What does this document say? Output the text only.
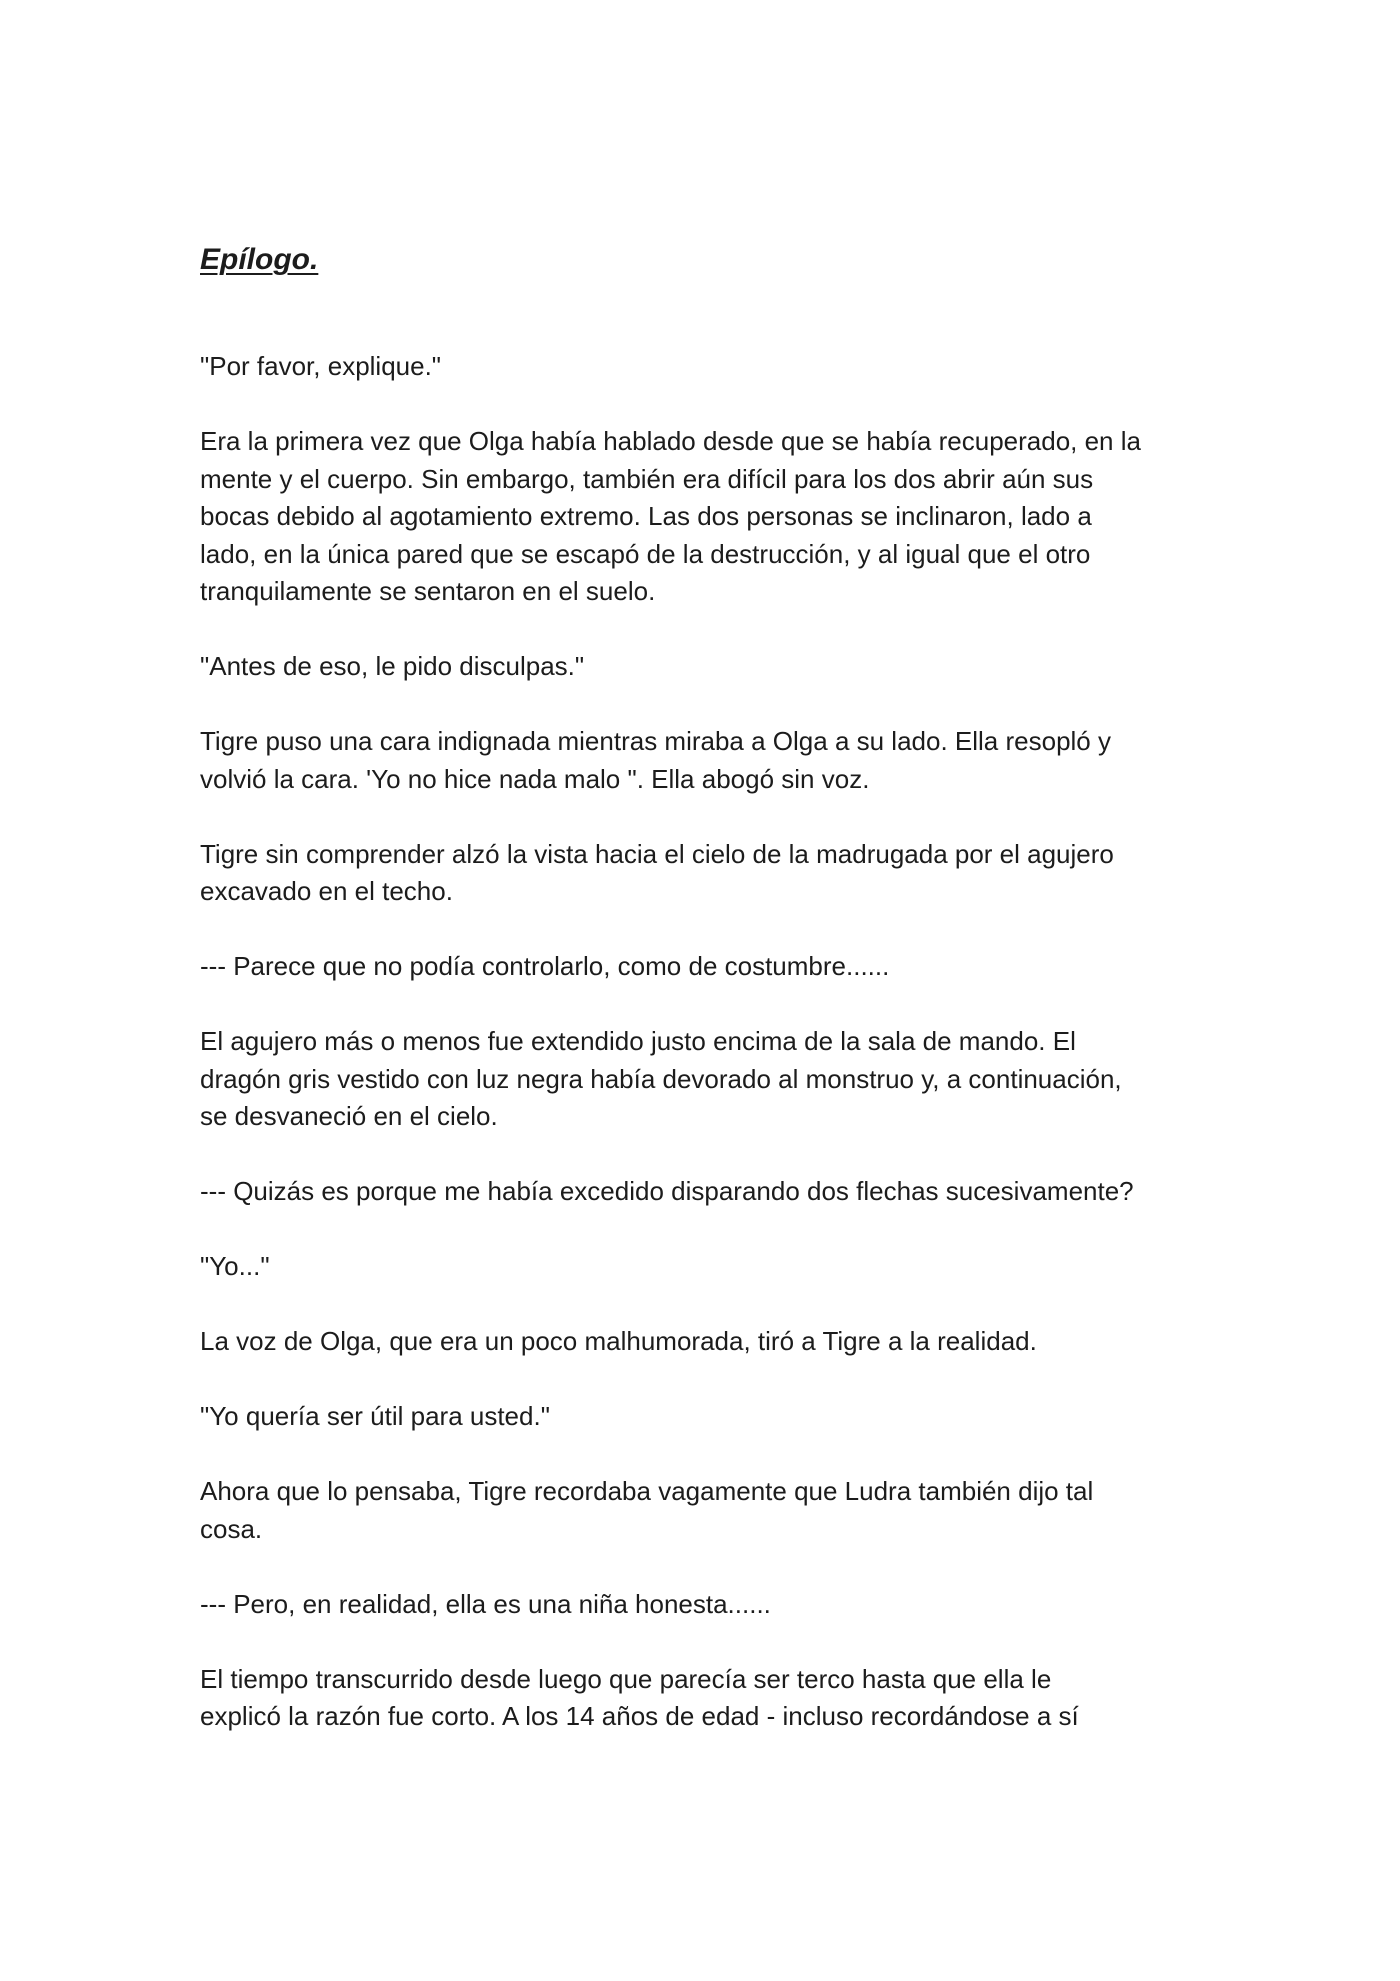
Epílogo.
"Por favor, explique."
Era la primera vez que Olga había hablado desde que se había recuperado, en la
mente y el cuerpo. Sin embargo, también era difícil para los dos abrir aún sus
bocas debido al agotamiento extremo. Las dos personas se inclinaron, lado a
lado, en la única pared que se escapó de la destrucción, y al igual que el otro
tranquilamente se sentaron en el suelo.
"Antes de eso, le pido disculpas."
Tigre puso una cara indignada mientras miraba a Olga a su lado. Ella resopló y
volvió la cara. 'Yo no hice nada malo ". Ella abogó sin voz.
Tigre sin comprender alzó la vista hacia el cielo de la madrugada por el agujero
excavado en el techo.
--- Parece que no podía controlarlo, como de costumbre......
El agujero más o menos fue extendido justo encima de la sala de mando. El
dragón gris vestido con luz negra había devorado al monstruo y, a continuación,
se desvaneció en el cielo.
--- Quizás es porque me había excedido disparando dos flechas sucesivamente?
"Yo..."
La voz de Olga, que era un poco malhumorada, tiró a Tigre a la realidad.
"Yo quería ser útil para usted."
Ahora que lo pensaba, Tigre recordaba vagamente que Ludra también dijo tal
cosa.
--- Pero, en realidad, ella es una niña honesta......
El tiempo transcurrido desde luego que parecía ser terco hasta que ella le
explicó la razón fue corto. A los 14 años de edad - incluso recordándose a sí
